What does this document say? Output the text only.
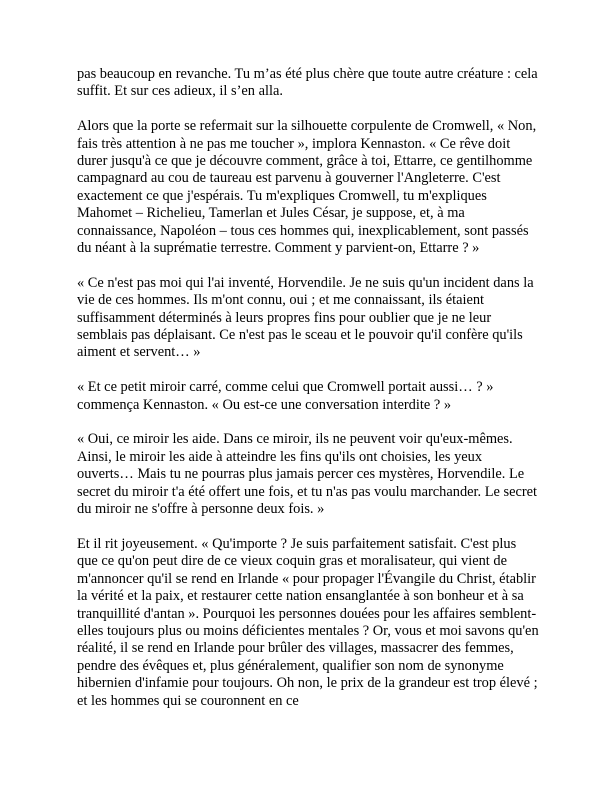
pas beaucoup en revanche. Tu m’as été plus chère que toute autre créature : cela suffit. Et sur ces adieux, il s’en alla.

Alors que la porte se refermait sur la silhouette corpulente de Cromwell, « Non, fais très attention à ne pas me toucher », implora Kennaston. « Ce rêve doit durer jusqu'à ce que je découvre comment, grâce à toi, Ettarre, ce gentilhomme campagnard au cou de taureau est parvenu à gouverner l'Angleterre. C'est exactement ce que j'espérais. Tu m'expliques Cromwell, tu m'expliques Mahomet – Richelieu, Tamerlan et Jules César, je suppose, et, à ma connaissance, Napoléon – tous ces hommes qui, inexplicablement, sont passés du néant à la suprématie terrestre. Comment y parvient-on, Ettarre ? »

« Ce n'est pas moi qui l'ai inventé, Horvendile. Je ne suis qu'un incident dans la vie de ces hommes. Ils m'ont connu, oui ; et me connaissant, ils étaient suffisamment déterminés à leurs propres fins pour oublier que je ne leur semblais pas déplaisant. Ce n'est pas le sceau et le pouvoir qu'il confère qu'ils aiment et servent… »

« Et ce petit miroir carré, comme celui que Cromwell portait aussi… ? » commença Kennaston. « Ou est-ce une conversation interdite ? »

« Oui, ce miroir les aide. Dans ce miroir, ils ne peuvent voir qu'eux-mêmes. Ainsi, le miroir les aide à atteindre les fins qu'ils ont choisies, les yeux ouverts… Mais tu ne pourras plus jamais percer ces mystères, Horvendile. Le secret du miroir t'a été offert une fois, et tu n'as pas voulu marchander. Le secret du miroir ne s'offre à personne deux fois. »

Et il rit joyeusement. « Qu'importe ? Je suis parfaitement satisfait. C'est plus que ce qu'on peut dire de ce vieux coquin gras et moralisateur, qui vient de m'annoncer qu'il se rend en Irlande « pour propager l'Évangile du Christ, établir la vérité et la paix, et restaurer cette nation ensanglantée à son bonheur et à sa tranquillité d'antan ». Pourquoi les personnes douées pour les affaires semblent-elles toujours plus ou moins déficientes mentales ? Or, vous et moi savons qu'en réalité, il se rend en Irlande pour brûler des villages, massacrer des femmes, pendre des évêques et, plus généralement, qualifier son nom de synonyme hibernien d'infamie pour toujours. Oh non, le prix de la grandeur est trop élevé ; et les hommes qui se couronnent en ce
